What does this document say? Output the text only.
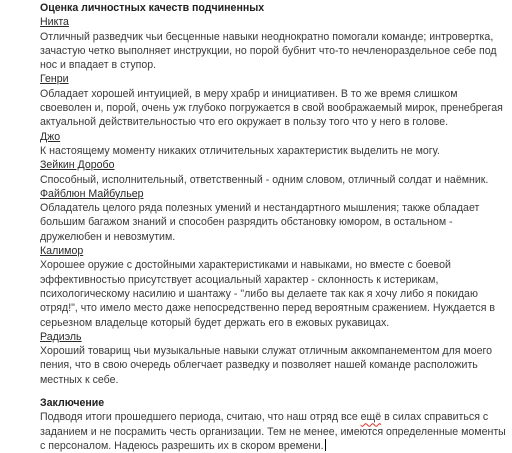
Оценка личностных качеств подчиненных
Никта
Отличный разведчик чьи бесценные навыки неоднократно помогали команде; интровертка, зачастую четко выполняет инструкции, но порой бубнит что-то нечленораздельное себе под нос и впадает в ступор.
Генри
Обладает хорошей интуицией, в меру храбр и инициативен. В то же время слишком своеволен и, порой, очень уж глубоко погружается в свой воображаемый мирок, пренебрегая актуальной действительностью что его окружает в пользу того что у него в голове.
Джо
К настоящему моменту никаких отличительных характеристик выделить не могу.
Зейкин Доробо
Способный, исполнительный, ответственный - одним словом, отличный солдат и наёмник.
Файблюн Майбульер
Обладатель целого ряда полезных умений и нестандартного мышления; также обладает большим багажом знаний и способен разрядить обстановку юмором, в остальном - дружелюбен и невозмутим.
Калимор
Хорошее оружие с достойными характеристиками и навыками, но вместе с боевой эффективностью присутствует асоциальный характер - склонность к истерикам, психологическому насилию и шантажу - "либо вы делаете так как я хочу либо я покидаю отряд!", что имело место даже непосредственно перед вероятным сражением. Нуждается в серьезном владельце который будет держать его в ежовых рукавицах.
Радиэль
Хороший товарищ чьи музыкальные навыки служат отличным аккомпанементом для моего пения, что в свою очередь облегчает разведку и позволяет нашей команде расположить местных к себе.
Заключение
Подводя итоги прошедшего периода, считаю, что наш отряд все ещё в силах справиться с заданием и не посрамить честь организации. Тем не менее, имеются определенные моменты с персоналом. Надеюсь разрешить их в скором времени.
